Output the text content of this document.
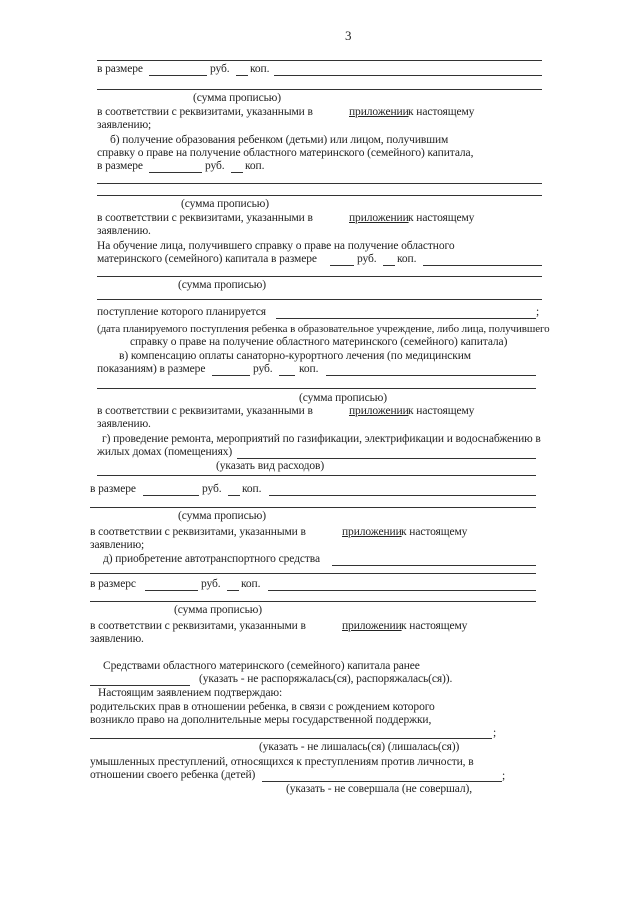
3
в размере	руб. коп.
(сумма прописью)
в соответствии с реквизитами, указанными в	приложении к настоящему
заявлению;
б) получение образования ребенком (детьми) или лицом, получившим
справку о праве на получение областного материнского (семейного) капитала,
в размере	руб. коп.
(сумма прописью)
в соответствии с реквизитами, указанными в	приложении к настоящему
заявлению.
На обучение лица, получившего справку о праве на получение областного
материнского (семейного) капитала в размере	руб. коп.
(сумма прописью)
поступление которого планируется	;
(дата планируемого поступления ребенка в образовательное учреждение, либо лица, получившего
справку о праве на получение областного материнского (семейного) капитала)
в) компенсацию оплаты санаторно-курортного лечения (по медицинским
показаниям) в размере	руб. коп.
(сумма прописью)
в соответствии с реквизитами, указанными в	приложении к настоящему
заявлению.
г) проведение ремонта, мероприятий по газификации, электрификации и водоснабжению в
жилых домах (помещениях)
(указать вид расходов)
в размере	руб. коп.
(сумма прописью)
в соответствии с реквизитами, указанными в	приложении к настоящему
заявлению;
д) приобретение автотранспортного средства
в размерс	руб. коп.
(сумма прописью)
в соответствии с реквизитами, указанными в	приложении к настоящему
заявлению.
Средствами областного материнского (семейного) капитала ранее
(указать - не распоряжалась(ся), распоряжалась(ся)).
Настоящим заявлением подтверждаю:
родительских прав в отношении ребенка, в связи с рождением которого
возникло право на дополнительные меры государственной поддержки,
;
(указать - не лишалась(ся) (лишалась(ся))
умышленных преступлений, относящихся к преступлениям против личности, в
отношении своего ребенка (детей)	;
(указать - не совершала (не совершал),
